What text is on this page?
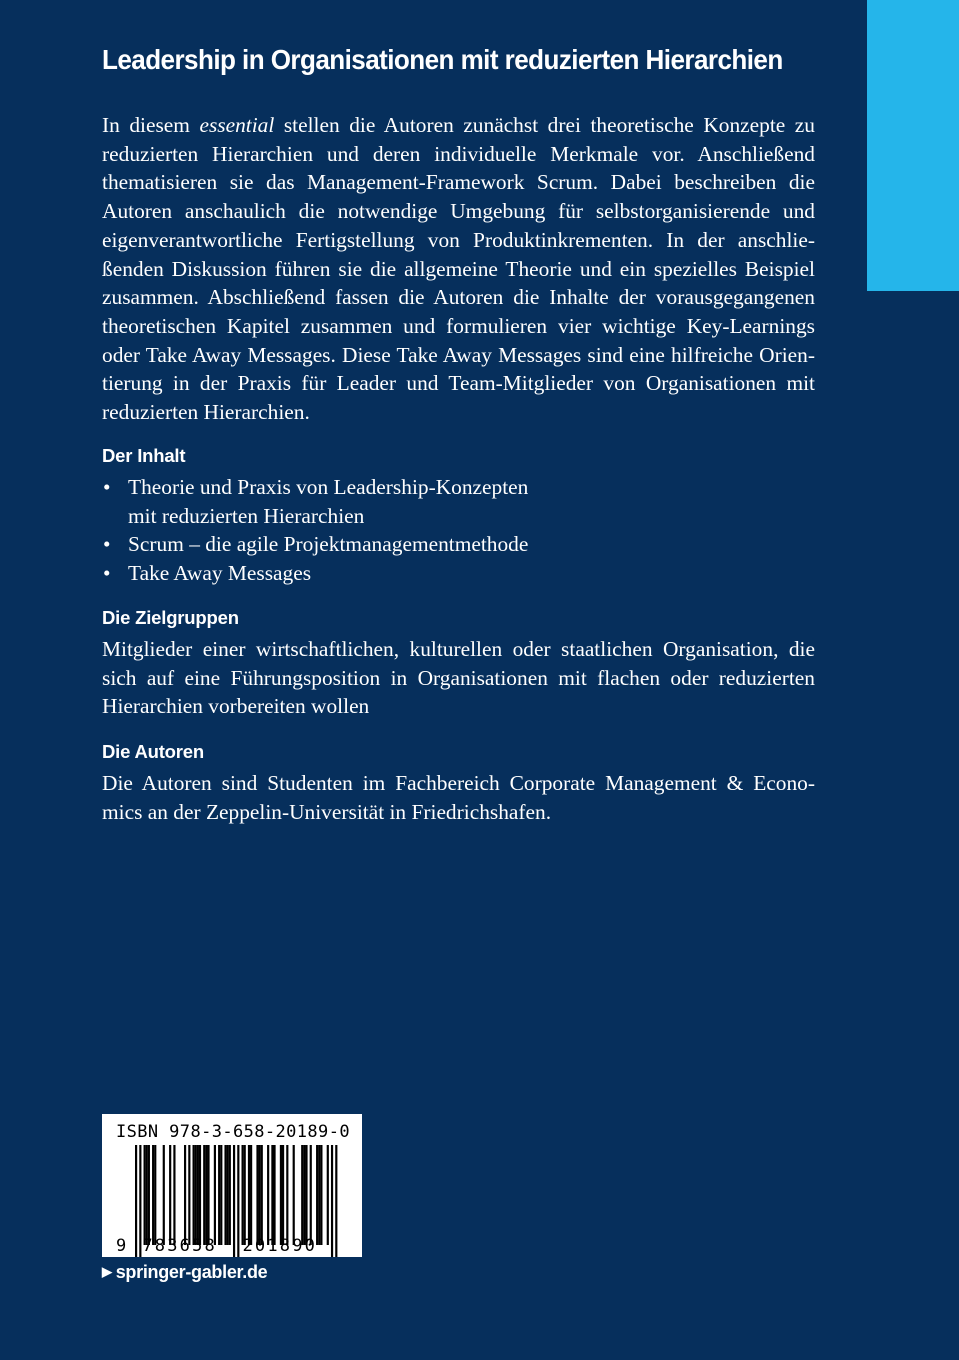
Leadership in Organisationen mit reduzierten Hierarchien

In diesem essential stellen die Autoren zunächst drei theoretische Konzepte zu
reduzierten Hierarchien und deren individuelle Merkmale vor. Anschließend
thematisieren sie das Management-Framework Scrum. Dabei beschreiben die
Autoren anschaulich die notwendige Umgebung für selbstorganisierende und
eigenverantwortliche Fertigstellung von Produktinkrementen. In der anschlie-
ßenden Diskussion führen sie die allgemeine Theorie und ein spezielles Beispiel
zusammen. Abschließend fassen die Autoren die Inhalte der vorausgegangenen
theoretischen Kapitel zusammen und formulieren vier wichtige Key-Learnings
oder Take Away Messages. Diese Take Away Messages sind eine hilfreiche Orien-
tierung in der Praxis für Leader und Team-Mitglieder von Organisationen mit
reduzierten Hierarchien.

Der Inhalt
• Theorie und Praxis von Leadership-Konzepten
mit reduzierten Hierarchien
• Scrum – die agile Projektmanagementmethode
• Take Away Messages
Die Zielgruppen

Mitglieder einer wirtschaftlichen, kulturellen oder staatlichen Organisation, die
sich auf eine Führungsposition in Organisationen mit flachen oder reduzierten
Hierarchien vorbereiten wollen

Die Autoren

Die Autoren sind Studenten im Fachbereich Corporate Management & Econo-
mics an der Zeppelin-Universität in Friedrichshafen.

ISBN 978-3-658-20189-0
9 783658 201890
▶ springer-gabler.de
